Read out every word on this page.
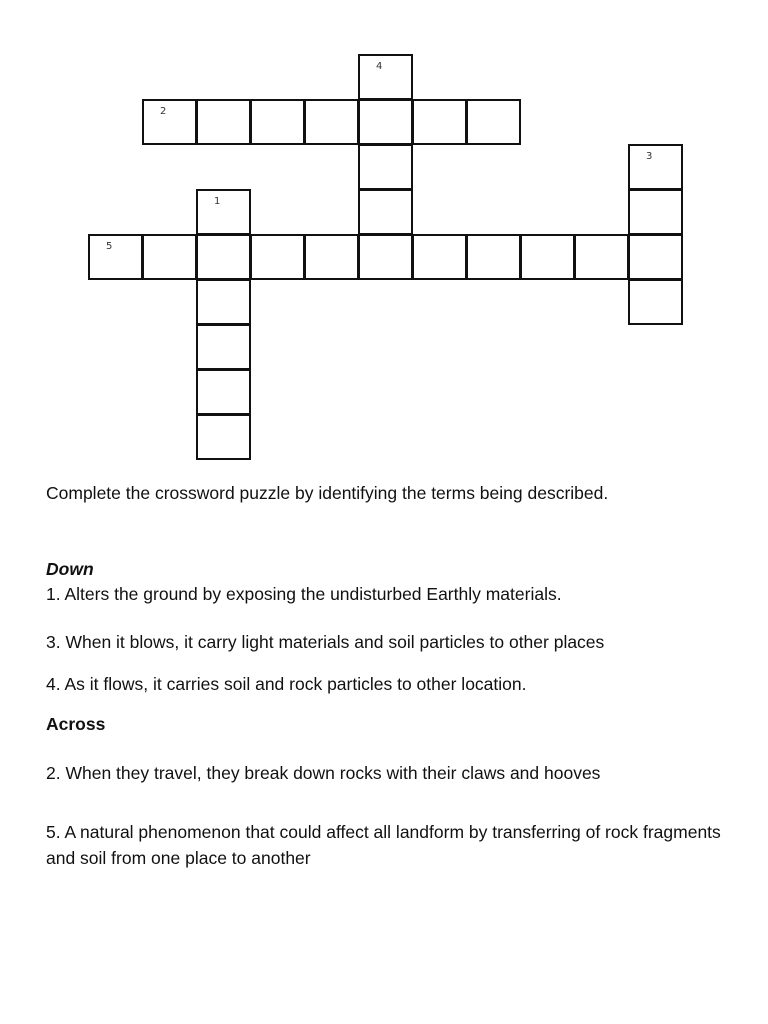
2
5
1
3
4

Complete the crossword puzzle by identifying the terms being described.

Down

1. Alters the ground by exposing the undisturbed Earthly materials.

3. When it blows, it carry light materials and soil particles to other places

4. As it flows, it carries soil and rock particles to other location.

Across

2. When they travel, they break down rocks with their claws and hooves

5. A natural phenomenon that could affect all landform by transferring of rock fragments and soil from one place to another
